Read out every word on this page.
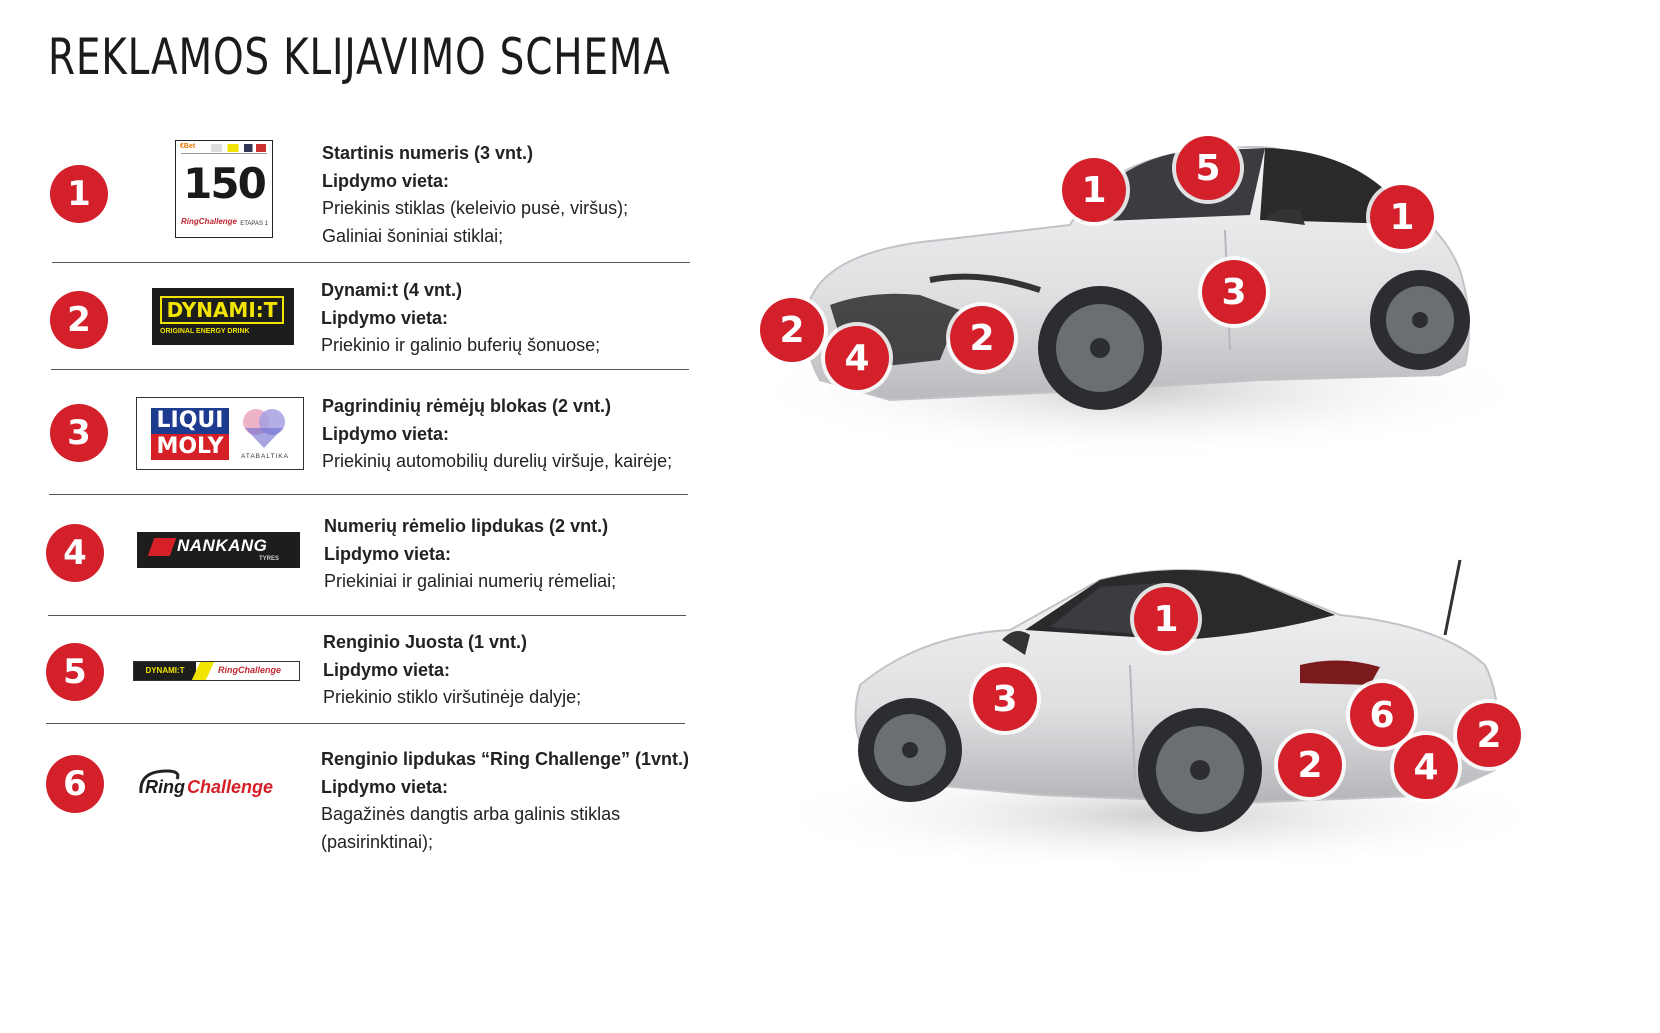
REKLAMOS KLIJAVIMO SCHEMA
1
€Bet
150
RingChallenge ETAPAS 1
Startinis numeris (3 vnt.)
Lipdymo vieta:
Priekinis stiklas (keleivio pusė, viršus);
Galiniai šoniniai stiklai;
2	DYNAMI:T
ORIGINAL ENERGY DRINK
Dynami:t (4 vnt.)
Lipdymo vieta:
Priekinio ir galinio buferių šonuose;
3	LIQUI
MOLY	ATABALTIKA
Pagrindinių rėmėjų blokas (2 vnt.)
Lipdymo vieta:
Priekinių automobilių durelių viršuje, kairėje;
4	NANKANG
TYRES
Numerių rėmelio lipdukas (2 vnt.)
Lipdymo vieta:
Priekiniai ir galiniai numerių rėmeliai;
5	DYNAMI:T	RingChallenge
Renginio Juosta (1 vnt.)
Lipdymo vieta:
Priekinio stiklo viršutinėje dalyje;
6	Ring Challenge
Renginio lipdukas “Ring Challenge” (1vnt.)
Lipdymo vieta:
Bagažinės dangtis arba galinis stiklas
(pasirinktinai);
1
5
1
3
2	2
4
1
3	6	2
2	4
